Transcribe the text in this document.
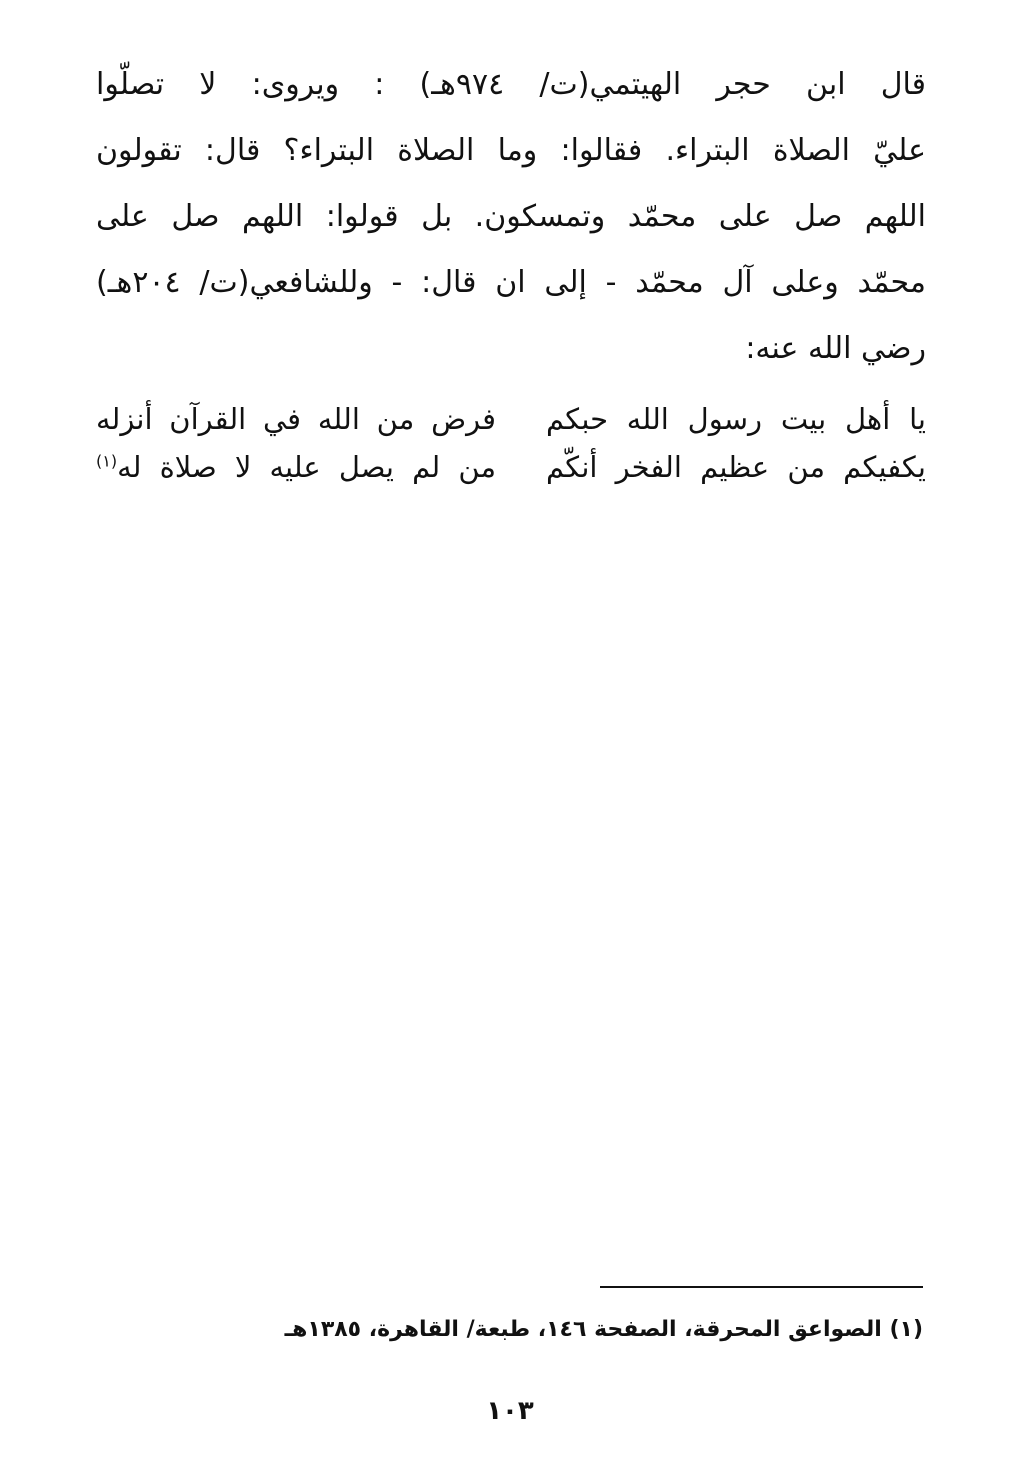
قال ابن حجر الهيتمي(ت/ ٩٧٤هـ) : ويروى: لا تصلّوا
عليّ الصلاة البتراء. فقالوا: وما الصلاة البتراء؟ قال: تقولون
اللهم صل على محمّد وتمسكون. بل قولوا: اللهم صل على
محمّد وعلى آل محمّد - إلى ان قال: - وللشافعي(ت/ ٢٠٤هـ)
رضي الله عنه:
يا أهل بيت رسول الله حبكم
فرض من الله في القرآن أنزله
يكفيكم من عظيم الفخر أنكّم
من لم يصل عليه لا صلاة له$^{(١)}$
(١) الصواعق المحرقة، الصفحة ١٤٦، طبعة/ القاهرة، ١٣٨٥هـ
١٠٣
